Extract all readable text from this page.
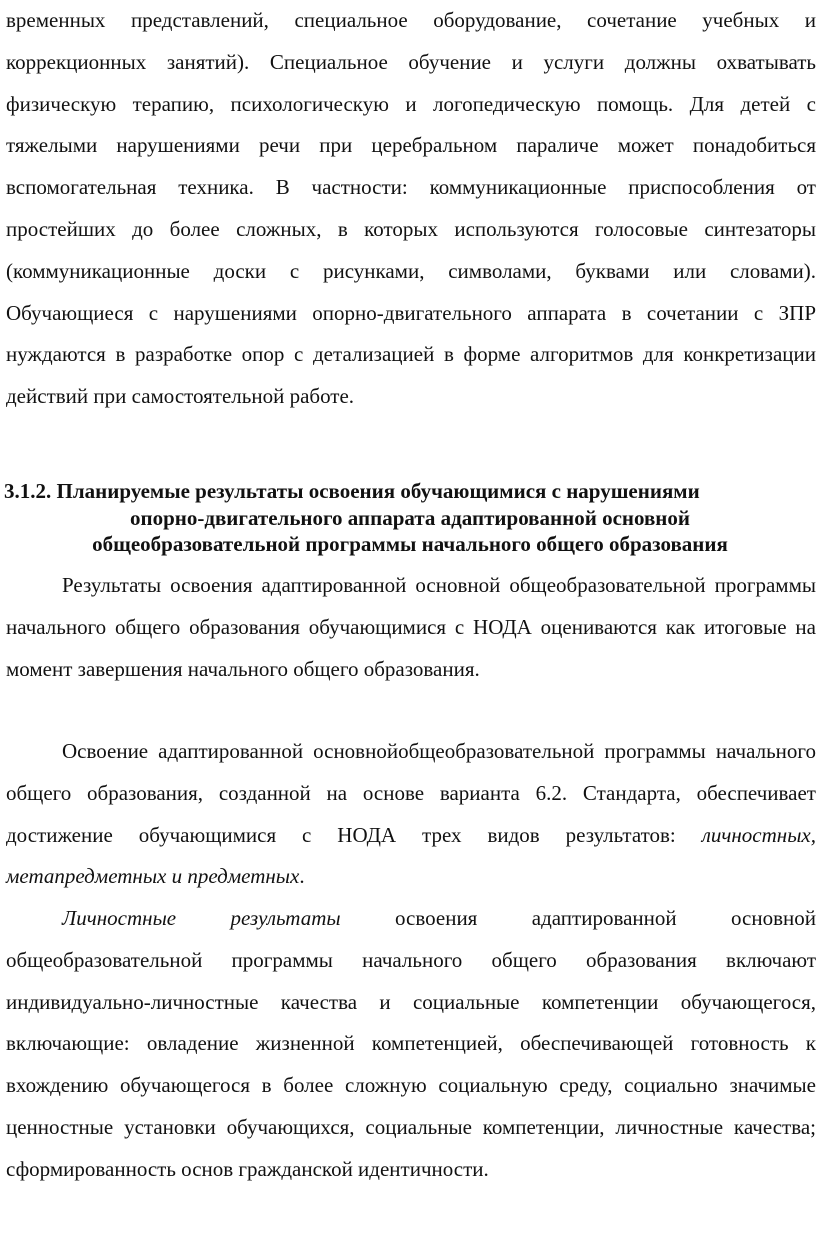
временных представлений, специальное оборудование, сочетание учебных и коррекционных занятий). Специальное обучение и услуги должны охватывать физическую терапию, психологическую и логопедическую помощь. Для детей с тяжелыми нарушениями речи при церебральном параличе может понадобиться вспомогательная техника. В частности: коммуникационные приспособления от простейших до более сложных, в которых используются голосовые синтезаторы (коммуникационные доски с рисунками, символами, буквами или словами). Обучающиеся с нарушениями опорно-двигательного аппарата в сочетании с ЗПР нуждаются в разработке опор с детализацией в форме алгоритмов для конкретизации действий при самостоятельной работе.

3.1.2. Планируемые результаты освоения обучающимися с нарушениями
опорно-двигательного аппарата адаптированной основной
общеобразовательной программы начального общего образования

Результаты освоения адаптированной основной общеобразовательной программы начального общего образования обучающимися с НОДА оцениваются как итоговые на момент завершения начального общего образования.

Освоение адаптированной основнойобщеобразовательной программы начального общего образования, созданной на основе варианта 6.2. Стандарта, обеспечивает достижение обучающимися с НОДА трех видов результатов: личностных, метапредметных и предметных.

Личностные результаты освоения адаптированной основной общеобразовательной программы начального общего образования включают индивидуально-личностные качества и социальные компетенции обучающегося, включающие: овладение жизненной компетенцией, обеспечивающей готовность к вхождению обучающегося в более сложную социальную среду, социально значимые ценностные установки обучающихся, социальные компетенции, личностные качества; сформированность основ гражданской идентичности.
